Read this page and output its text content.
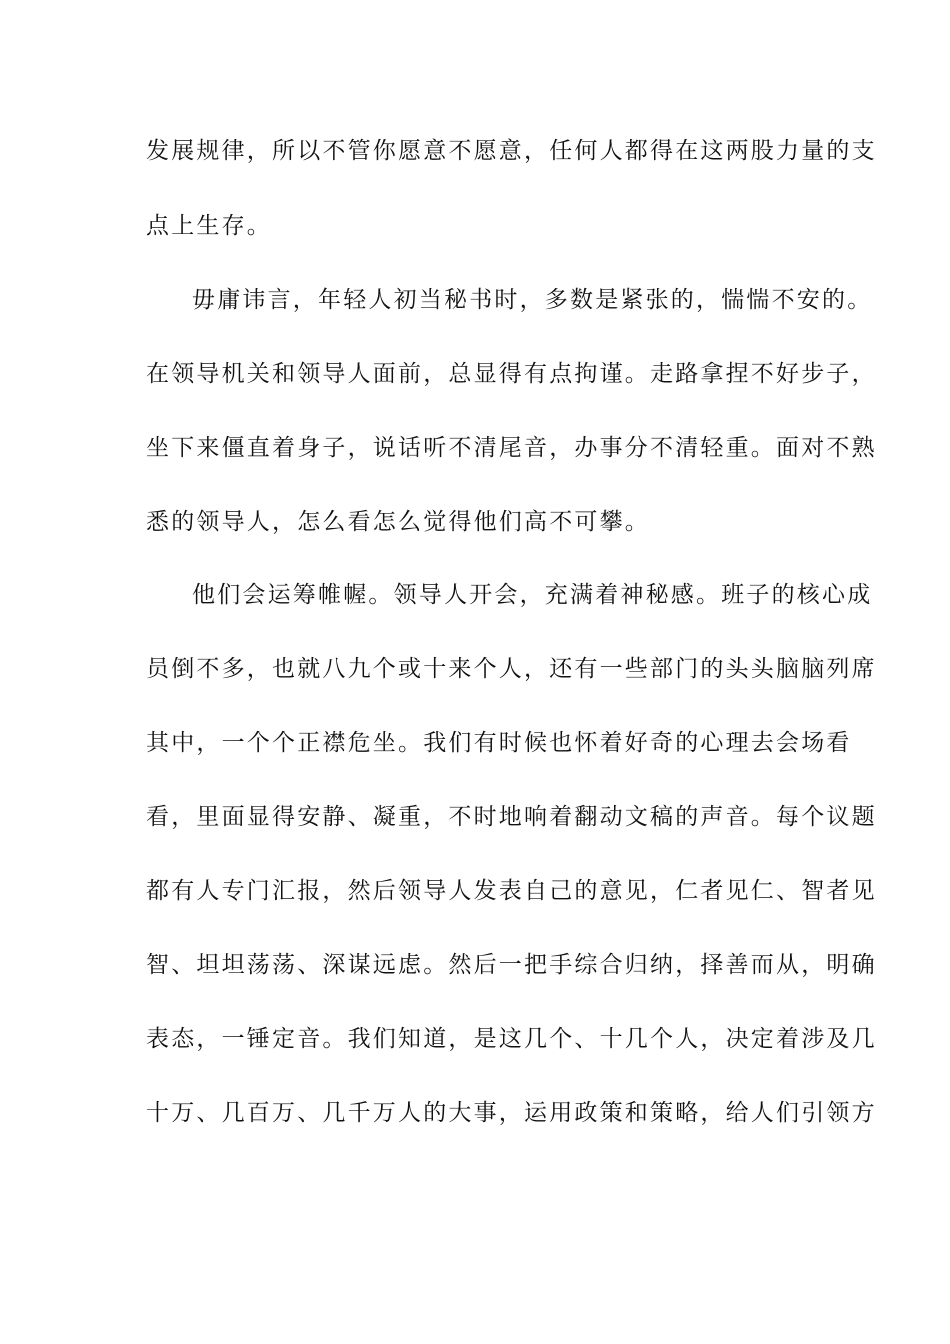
发展规律，所以不管你愿意不愿意，任何人都得在这两股力量的支
点上生存。
毋庸讳言，年轻人初当秘书时，多数是紧张的，惴惴不安的。
在领导机关和领导人面前，总显得有点拘谨。走路拿捏不好步子，
坐下来僵直着身子，说话听不清尾音，办事分不清轻重。面对不熟
悉的领导人，怎么看怎么觉得他们高不可攀。
他们会运筹帷幄。领导人开会，充满着神秘感。班子的核心成
员倒不多，也就八九个或十来个人，还有一些部门的头头脑脑列席
其中，一个个正襟危坐。我们有时候也怀着好奇的心理去会场看
看，里面显得安静、凝重，不时地响着翻动文稿的声音。每个议题
都有人专门汇报，然后领导人发表自己的意见，仁者见仁、智者见
智、坦坦荡荡、深谋远虑。然后一把手综合归纳，择善而从，明确
表态，一锤定音。我们知道，是这几个、十几个人，决定着涉及几
十万、几百万、几千万人的大事，运用政策和策略，给人们引领方
